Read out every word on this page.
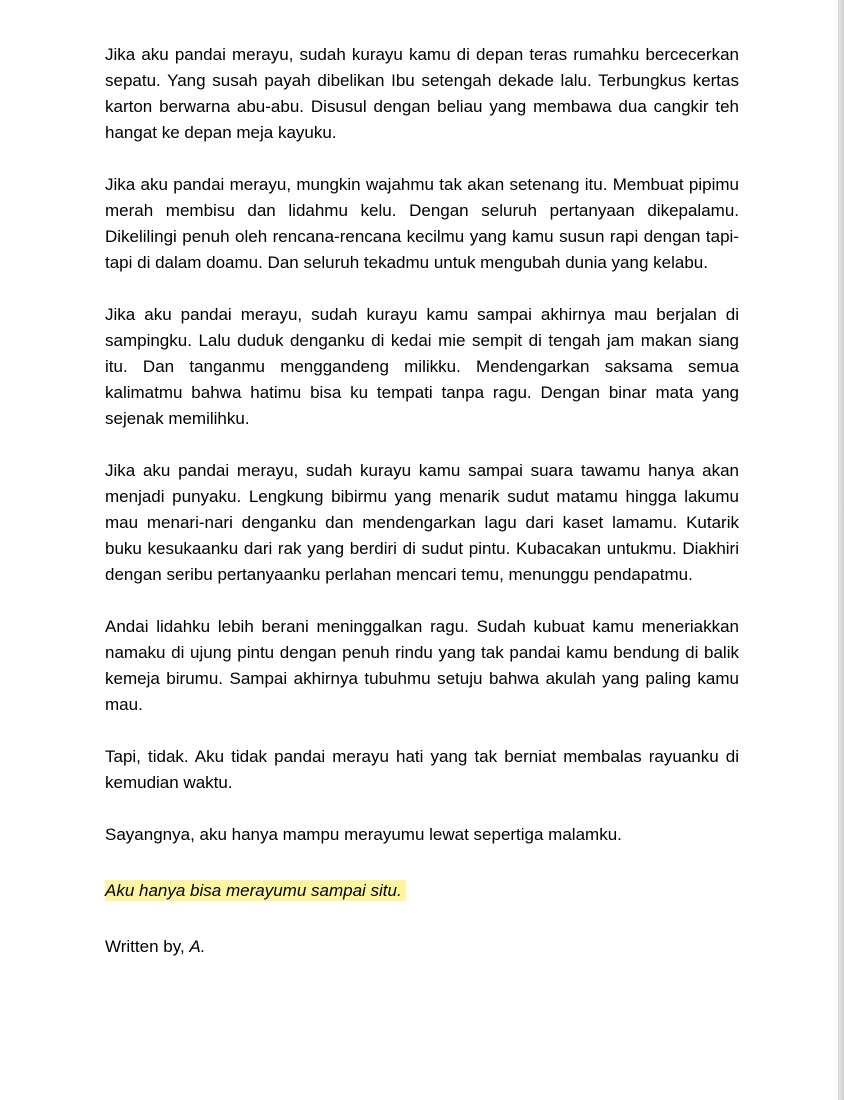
Jika aku pandai merayu, sudah kurayu kamu di depan teras rumahku bercecerkan sepatu. Yang susah payah dibelikan Ibu setengah dekade lalu. Terbungkus kertas karton berwarna abu-abu. Disusul dengan beliau yang membawa dua cangkir teh hangat ke depan meja kayuku.

Jika aku pandai merayu, mungkin wajahmu tak akan setenang itu. Membuat pipimu merah membisu dan lidahmu kelu. Dengan seluruh pertanyaan dikepalamu. Dikelilingi penuh oleh rencana-rencana kecilmu yang kamu susun rapi dengan tapi-tapi di dalam doamu. Dan seluruh tekadmu untuk mengubah dunia yang kelabu.

Jika aku pandai merayu, sudah kurayu kamu sampai akhirnya mau berjalan di sampingku. Lalu duduk denganku di kedai mie sempit di tengah jam makan siang itu. Dan tanganmu menggandeng milikku. Mendengarkan saksama semua kalimatmu bahwa hatimu bisa ku tempati tanpa ragu. Dengan binar mata yang sejenak memilihku.

Jika aku pandai merayu, sudah kurayu kamu sampai suara tawamu hanya akan menjadi punyaku. Lengkung bibirmu yang menarik sudut matamu hingga lakumu mau menari-nari denganku dan mendengarkan lagu dari kaset lamamu. Kutarik buku kesukaanku dari rak yang berdiri di sudut pintu. Kubacakan untukmu. Diakhiri dengan seribu pertanyaanku perlahan mencari temu, menunggu pendapatmu.

Andai lidahku lebih berani meninggalkan ragu. Sudah kubuat kamu meneriakkan namaku di ujung pintu dengan penuh rindu yang tak pandai kamu bendung di balik kemeja birumu. Sampai akhirnya tubuhmu setuju bahwa akulah yang paling kamu mau.

Tapi, tidak. Aku tidak pandai merayu hati yang tak berniat membalas rayuanku di kemudian waktu.

Sayangnya, aku hanya mampu merayumu lewat sepertiga malamku.

Aku hanya bisa merayumu sampai situ.

Written by, A.
